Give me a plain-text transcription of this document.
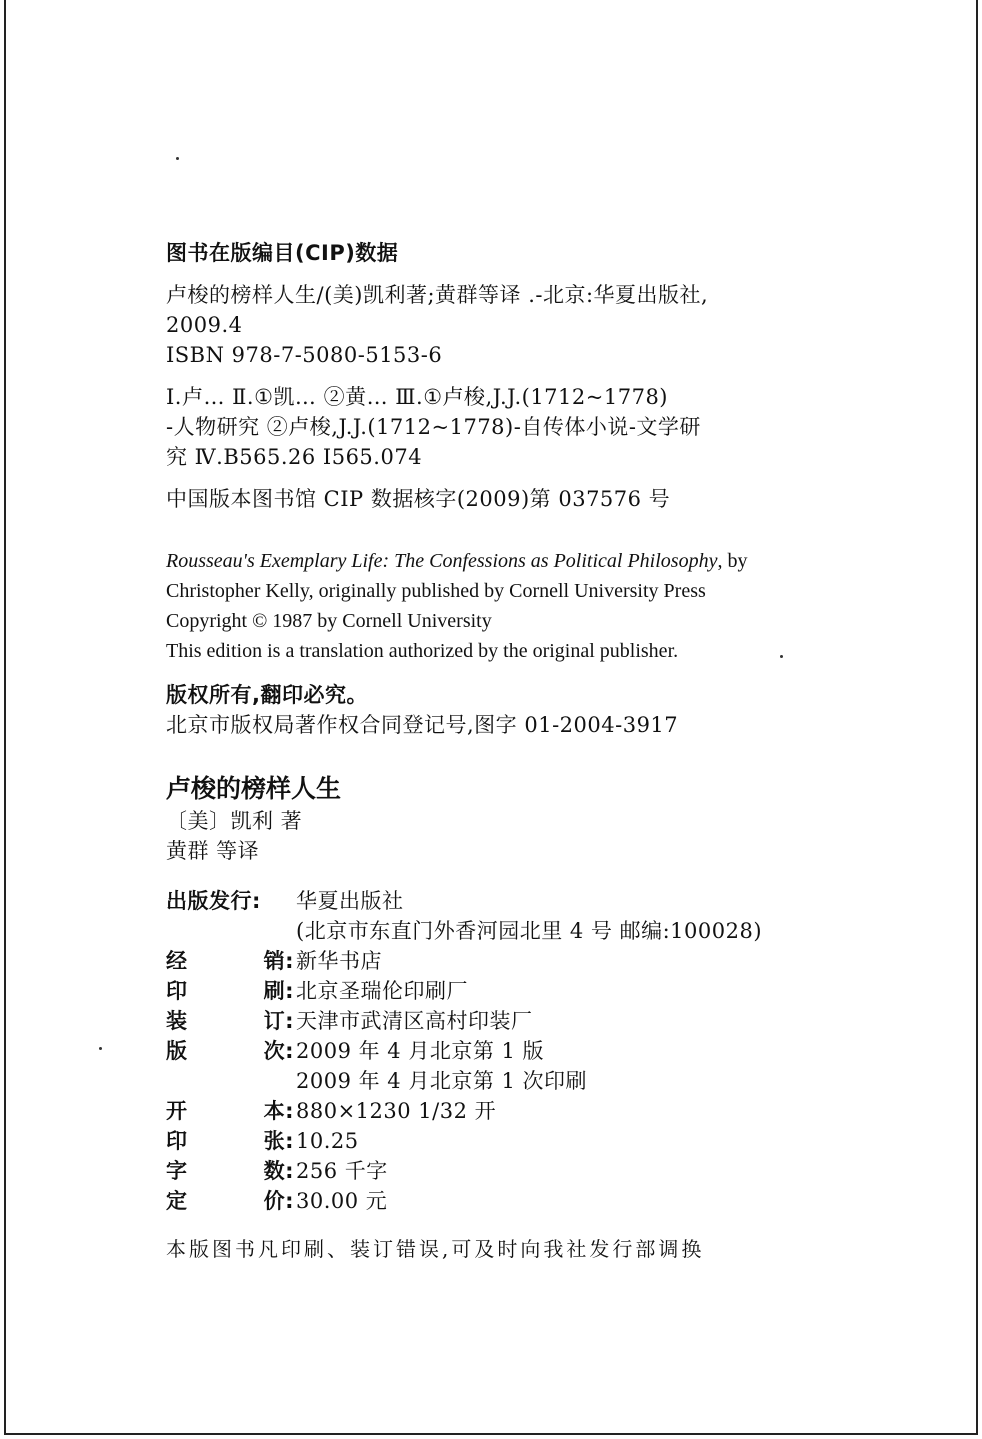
图书在版编目(CIP)数据
卢梭的榜样人生/(美)凯利著;黄群等译 .-北京:华夏出版社,
2009.4
ISBN 978-7-5080-5153-6
Ⅰ.卢… Ⅱ.①凯… ②黄… Ⅲ.①卢梭,J.J.(1712~1778)
-人物研究 ②卢梭,J.J.(1712~1778)-自传体小说-文学研
究 Ⅳ.B565.26 I565.074
中国版本图书馆 CIP 数据核字(2009)第 037576 号
Rousseau's Exemplary Life: The Confessions as Political Philosophy, by
Christopher Kelly, originally published by Cornell University Press
Copyright © 1987 by Cornell University
This edition is a translation authorized by the original publisher.
版权所有,翻印必究。
北京市版权局著作权合同登记号,图字 01-2004-3917
卢梭的榜样人生
〔美〕凯利 著
黄群 等译
出版发行: 华夏出版社
(北京市东直门外香河园北里 4 号 邮编:100028)
经	销: 新华书店
印	刷: 北京圣瑞伦印刷厂
装	订: 天津市武清区高村印装厂
版	次: 2009 年 4 月北京第 1 版
2009 年 4 月北京第 1 次印刷
开	本: 880×1230 1/32 开
印	张: 10.25
字	数: 256 千字
定	价: 30.00 元
本版图书凡印刷、装订错误,可及时向我社发行部调换
